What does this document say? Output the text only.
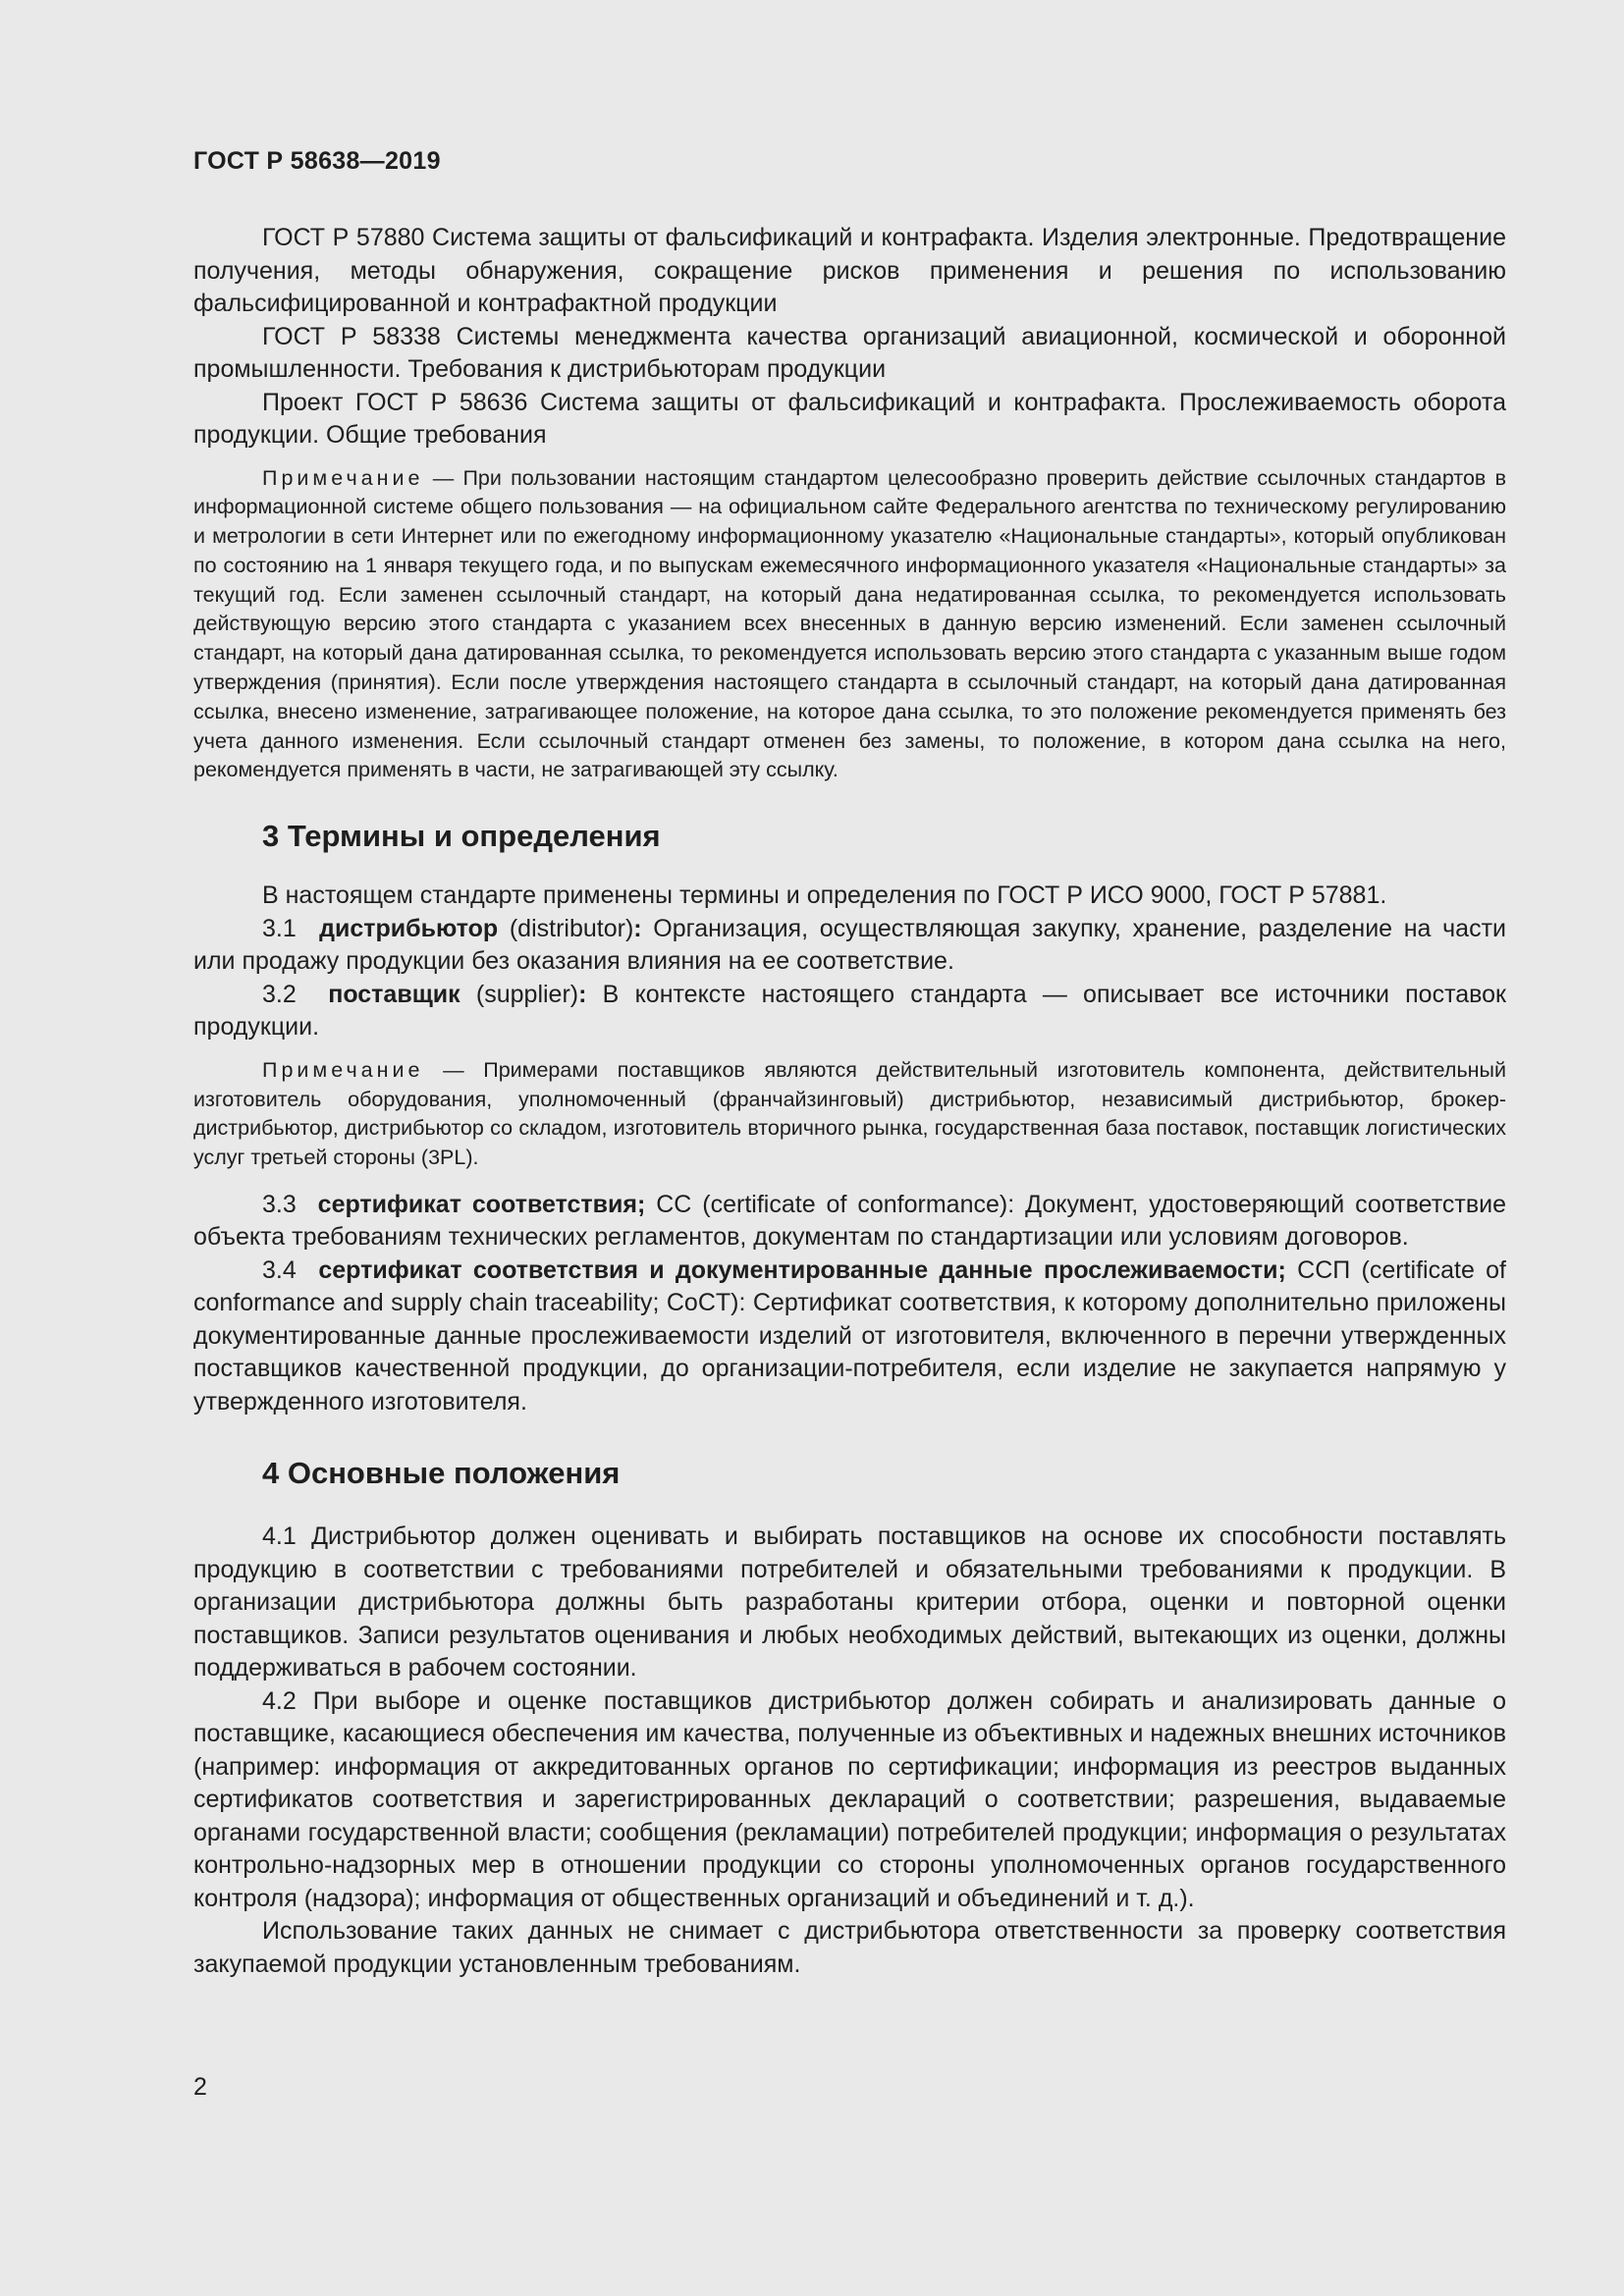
ГОСТ Р 58638—2019

ГОСТ Р 57880 Система защиты от фальсификаций и контрафакта. Изделия электронные. Предотвращение получения, методы обнаружения, сокращение рисков применения и решения по использованию фальсифицированной и контрафактной продукции

ГОСТ Р 58338 Системы менеджмента качества организаций авиационной, космической и оборонной промышленности. Требования к дистрибьюторам продукции

Проект ГОСТ Р 58636 Система защиты от фальсификаций и контрафакта. Прослеживаемость оборота продукции. Общие требования

Примечание — При пользовании настоящим стандартом целесообразно проверить действие ссылочных стандартов в информационной системе общего пользования — на официальном сайте Федерального агентства по техническому регулированию и метрологии в сети Интернет или по ежегодному информационному указателю «Национальные стандарты», который опубликован по состоянию на 1 января текущего года, и по выпускам ежемесячного информационного указателя «Национальные стандарты» за текущий год. Если заменен ссылочный стандарт, на который дана недатированная ссылка, то рекомендуется использовать действующую версию этого стандарта с указанием всех внесенных в данную версию изменений. Если заменен ссылочный стандарт, на который дана датированная ссылка, то рекомендуется использовать версию этого стандарта с указанным выше годом утверждения (принятия). Если после утверждения настоящего стандарта в ссылочный стандарт, на который дана датированная ссылка, внесено изменение, затрагивающее положение, на которое дана ссылка, то это положение рекомендуется применять без учета данного изменения. Если ссылочный стандарт отменен без замены, то положение, в котором дана ссылка на него, рекомендуется применять в части, не затрагивающей эту ссылку.

3 Термины и определения

В настоящем стандарте применены термины и определения по ГОСТ Р ИСО 9000, ГОСТ Р 57881.

3.1 дистрибьютор (distributor): Организация, осуществляющая закупку, хранение, разделение на части или продажу продукции без оказания влияния на ее соответствие.

3.2 поставщик (supplier): В контексте настоящего стандарта — описывает все источники поставок продукции.

Примечание — Примерами поставщиков являются действительный изготовитель компонента, действительный изготовитель оборудования, уполномоченный (франчайзинговый) дистрибьютор, независимый дистрибьютор, брокер-дистрибьютор, дистрибьютор со складом, изготовитель вторичного рынка, государственная база поставок, поставщик логистических услуг третьей стороны (3PL).

3.3 сертификат соответствия; CC (certificate of conformance): Документ, удостоверяющий соответствие объекта требованиям технических регламентов, документам по стандартизации или условиям договоров.

3.4 сертификат соответствия и документированные данные прослеживаемости; ССП (certificate of conformance and supply chain traceability; CoCT): Сертификат соответствия, к которому дополнительно приложены документированные данные прослеживаемости изделий от изготовителя, включенного в перечни утвержденных поставщиков качественной продукции, до организации-потребителя, если изделие не закупается напрямую у утвержденного изготовителя.

4 Основные положения

4.1 Дистрибьютор должен оценивать и выбирать поставщиков на основе их способности поставлять продукцию в соответствии с требованиями потребителей и обязательными требованиями к продукции. В организации дистрибьютора должны быть разработаны критерии отбора, оценки и повторной оценки поставщиков. Записи результатов оценивания и любых необходимых действий, вытекающих из оценки, должны поддерживаться в рабочем состоянии.

4.2 При выборе и оценке поставщиков дистрибьютор должен собирать и анализировать данные о поставщике, касающиеся обеспечения им качества, полученные из объективных и надежных внешних источников (например: информация от аккредитованных органов по сертификации; информация из реестров выданных сертификатов соответствия и зарегистрированных деклараций о соответствии; разрешения, выдаваемые органами государственной власти; сообщения (рекламации) потребителей продукции; информация о результатах контрольно-надзорных мер в отношении продукции со стороны уполномоченных органов государственного контроля (надзора); информация от общественных организаций и объединений и т. д.).

Использование таких данных не снимает с дистрибьютора ответственности за проверку соответствия закупаемой продукции установленным требованиям.

2
